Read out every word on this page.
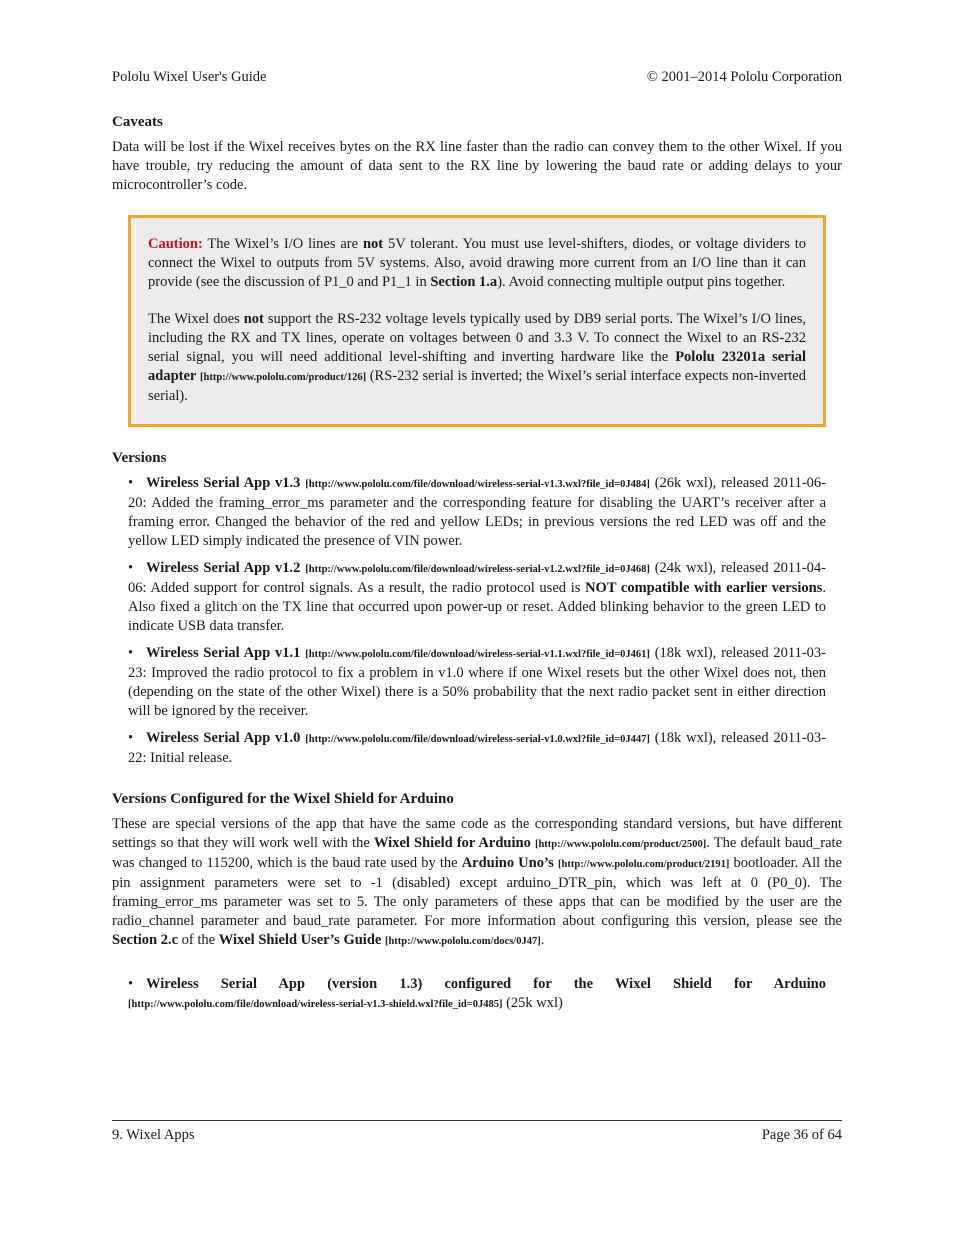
Pololu Wixel User's Guide	© 2001–2014 Pololu Corporation
Caveats

Data will be lost if the Wixel receives bytes on the RX line faster than the radio can convey them to the other Wixel. If you have trouble, try reducing the amount of data sent to the RX line by lowering the baud rate or adding delays to your microcontroller’s code.

Caution: The Wixel’s I/O lines are not 5V tolerant. You must use level-shifters, diodes, or voltage dividers to connect the Wixel to outputs from 5V systems. Also, avoid drawing more current from an I/O line than it can provide (see the discussion of P1_0 and P1_1 in Section 1.a). Avoid connecting multiple output pins together.

The Wixel does not support the RS-232 voltage levels typically used by DB9 serial ports. The Wixel’s I/O lines, including the RX and TX lines, operate on voltages between 0 and 3.3 V. To connect the Wixel to an RS-232 serial signal, you will need additional level-shifting and inverting hardware like the Pololu 23201a serial adapter [http://www.pololu.com/product/126] (RS-232 serial is inverted; the Wixel’s serial interface expects non-inverted serial).

Versions
• Wireless Serial App v1.3 [http://www.pololu.com/file/download/wireless-serial-v1.3.wxl?file_id=0J484] (26k wxl), released 2011-06-20: Added the framing_error_ms parameter and the corresponding feature for disabling the UART’s receiver after a framing error. Changed the behavior of the red and yellow LEDs; in previous versions the red LED was off and the yellow LED simply indicated the presence of VIN power.
• Wireless Serial App v1.2 [http://www.pololu.com/file/download/wireless-serial-v1.2.wxl?file_id=0J468] (24k wxl), released 2011-04-06: Added support for control signals. As a result, the radio protocol used is NOT compatible with earlier versions. Also fixed a glitch on the TX line that occurred upon power-up or reset. Added blinking behavior to the green LED to indicate USB data transfer.
• Wireless Serial App v1.1 [http://www.pololu.com/file/download/wireless-serial-v1.1.wxl?file_id=0J461] (18k wxl), released 2011-03-23: Improved the radio protocol to fix a problem in v1.0 where if one Wixel resets but the other Wixel does not, then (depending on the state of the other Wixel) there is a 50% probability that the next radio packet sent in either direction will be ignored by the receiver.
• Wireless Serial App v1.0 [http://www.pololu.com/file/download/wireless-serial-v1.0.wxl?file_id=0J447] (18k wxl), released 2011-03-22: Initial release.
Versions Configured for the Wixel Shield for Arduino

These are special versions of the app that have the same code as the corresponding standard versions, but have different settings so that they will work well with the Wixel Shield for Arduino [http://www.pololu.com/product/2500]. The default baud_rate was changed to 115200, which is the baud rate used by the Arduino Uno’s [http://www.pololu.com/product/2191] bootloader. All the pin assignment parameters were set to -1 (disabled) except arduino_DTR_pin, which was left at 0 (P0_0). The framing_error_ms parameter was set to 5. The only parameters of these apps that can be modified by the user are the radio_channel parameter and baud_rate parameter. For more information about configuring this version, please see the Section 2.c of the Wixel Shield User’s Guide [http://www.pololu.com/docs/0J47].

• Wireless Serial App (version 1.3) configured for the Wixel Shield for Arduino [http://www.pololu.com/file/download/wireless-serial-v1.3-shield.wxl?file_id=0J485] (25k wxl)
9. Wixel Apps	Page 36 of 64
